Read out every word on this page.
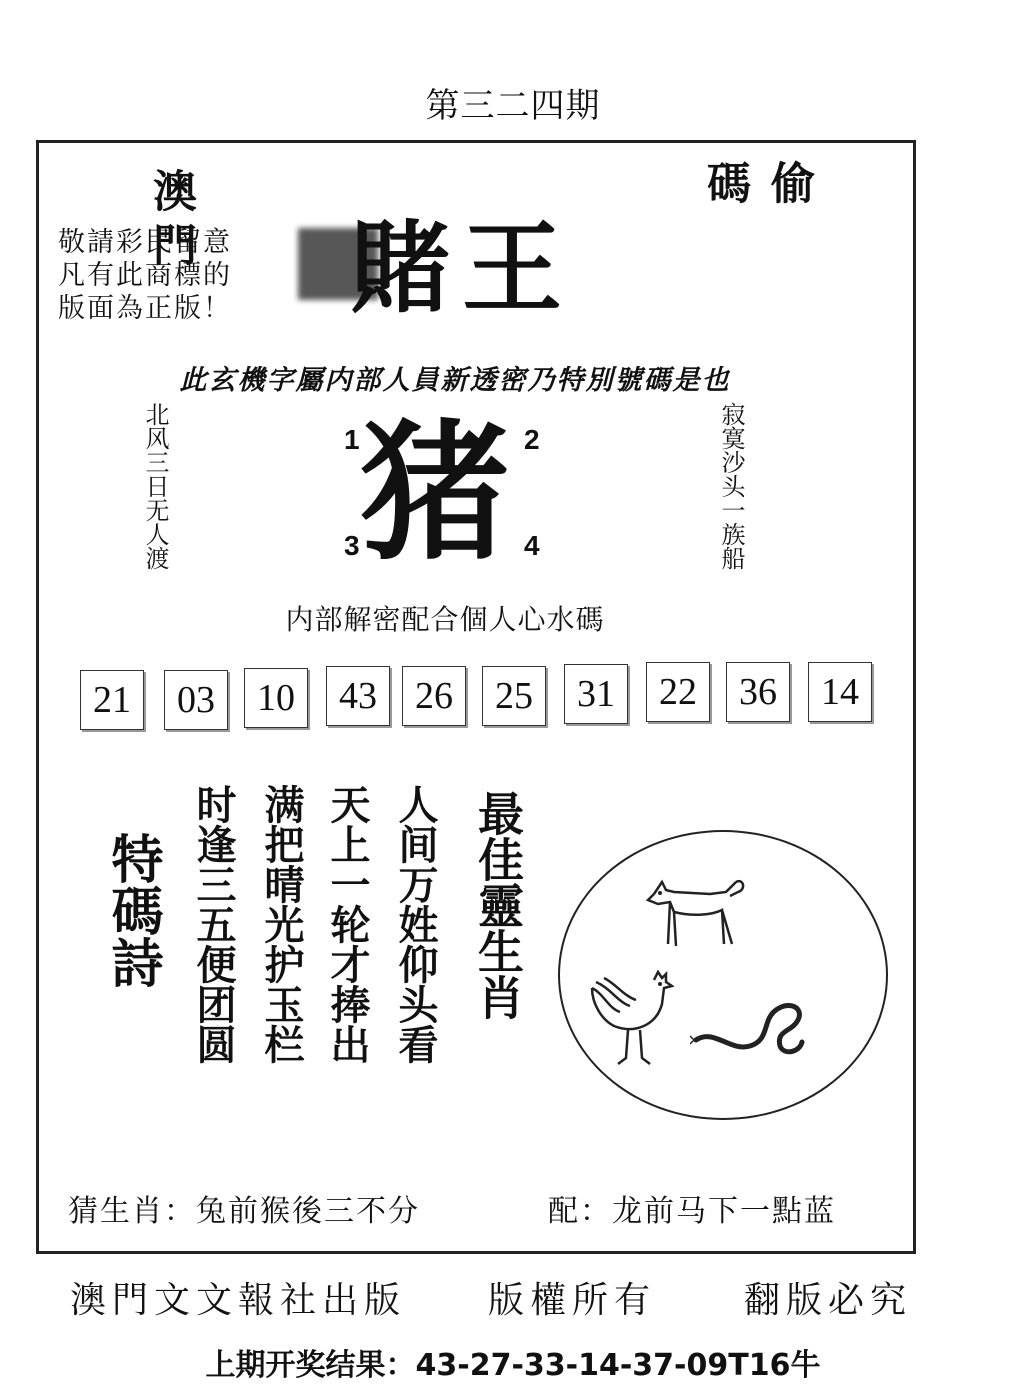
第三二四期
澳門	偷碼
敬請彩民留意
凡有此商標的
版面為正版！	賭王
此玄機字屬内部人員新透密乃特別號碼是也
北风三日无人渡	寂寞沙头一族船
猪
1	2
3	4
内部解密配合個人心水碼
21	03	10	43	26	25	31	22	36	14
特碼詩 时逢三五便团圆 满把晴光护玉栏 天上一轮才捧出 人间万姓仰头看 最佳靈生肖
猜生肖：兔前猴後三不分	配：龙前马下一點蓝
澳門文文報社出版 版權所有 翻版必究
上期开奖结果：43-27-33-14-37-09T16牛
